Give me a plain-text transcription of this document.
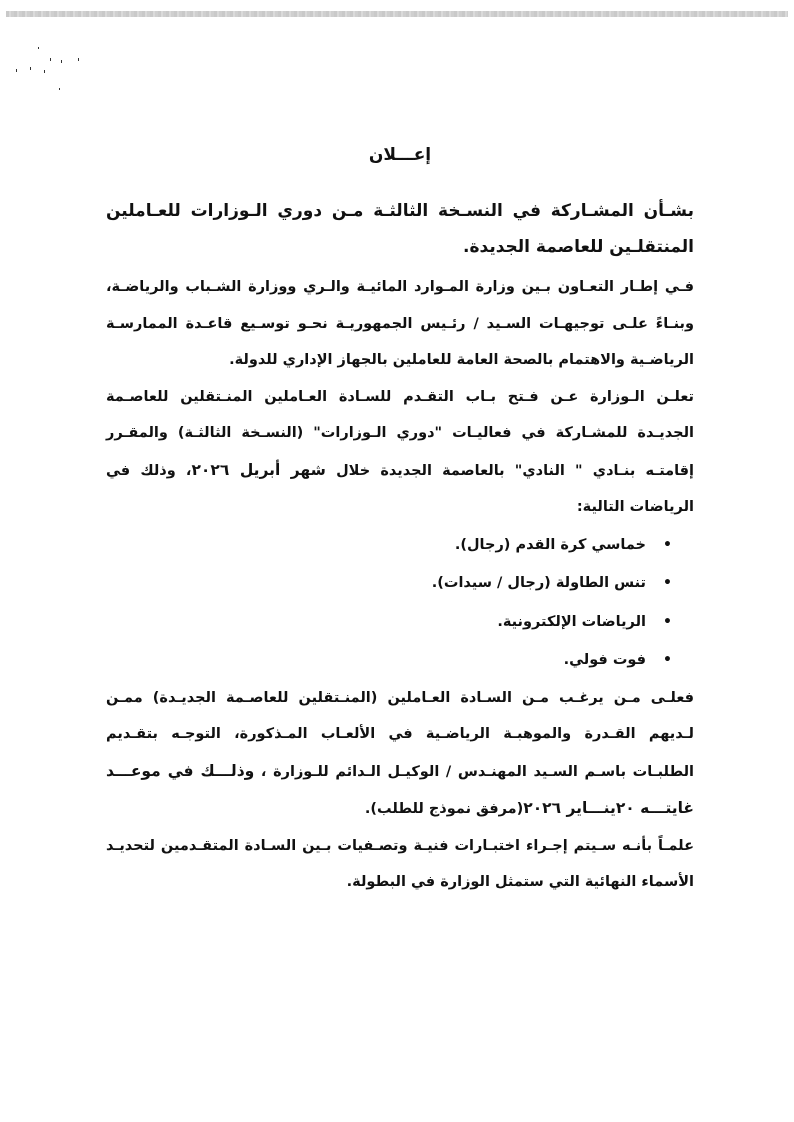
إعـــلان

بشـأن المشـاركة في النسـخة الثالثـة مـن دوري الـوزارات للعـاملين المنتقلـين للعاصمة الجديدة.

فـي إطـار التعـاون بـين وزارة المـوارد المائيـة والـري ووزارة الشـباب والرياضـة، وبنـاءً علـى توجيهـات السـيد / رئـيس الجمهوريـة نحـو توسـيع قاعـدة الممارسـة الرياضـية والاهتمام بالصحة العامة للعاملين بالجهاز الإداري للدولة.

تعلـن الـوزارة عـن فـتح بـاب التقـدم للسـادة العـاملين المنـتقلين للعاصـمة الجديـدة للمشـاركة في فعاليـات "دوري الـوزارات" (النسـخة الثالثـة) والمقـرر إقامتـه بنـادي " النادي" بالعاصمة الجديدة خلال شهر أبريل ٢٠٢٦، وذلك في الرياضات التالية:

•
خماسي كرة القدم (رجال).
•
تنس الطاولة (رجال / سيدات).
•
الرياضات الإلكترونية.
•
فوت فولي.

فعلـى مـن يرغـب مـن السـادة العـاملين (المنـتقلين للعاصـمة الجديـدة) ممـن لـديهم القـدرة والموهبـة الرياضـية في الألعـاب المـذكورة، التوجـه بتقـديم الطلبـات باسـم السـيد المهنـدس / الوكيـل الـدائم للـوزارة ، وذلـــك في موعـــد غايتـــه ٢٠ينـــاير ٢٠٢٦(مرفق نموذج للطلب).

علمـاً بأنـه سـيتم إجـراء اختبـارات فنيـة وتصـفيات بـين السـادة المتقـدمين لتحديـد الأسماء النهائية التي ستمثل الوزارة في البطولة.
